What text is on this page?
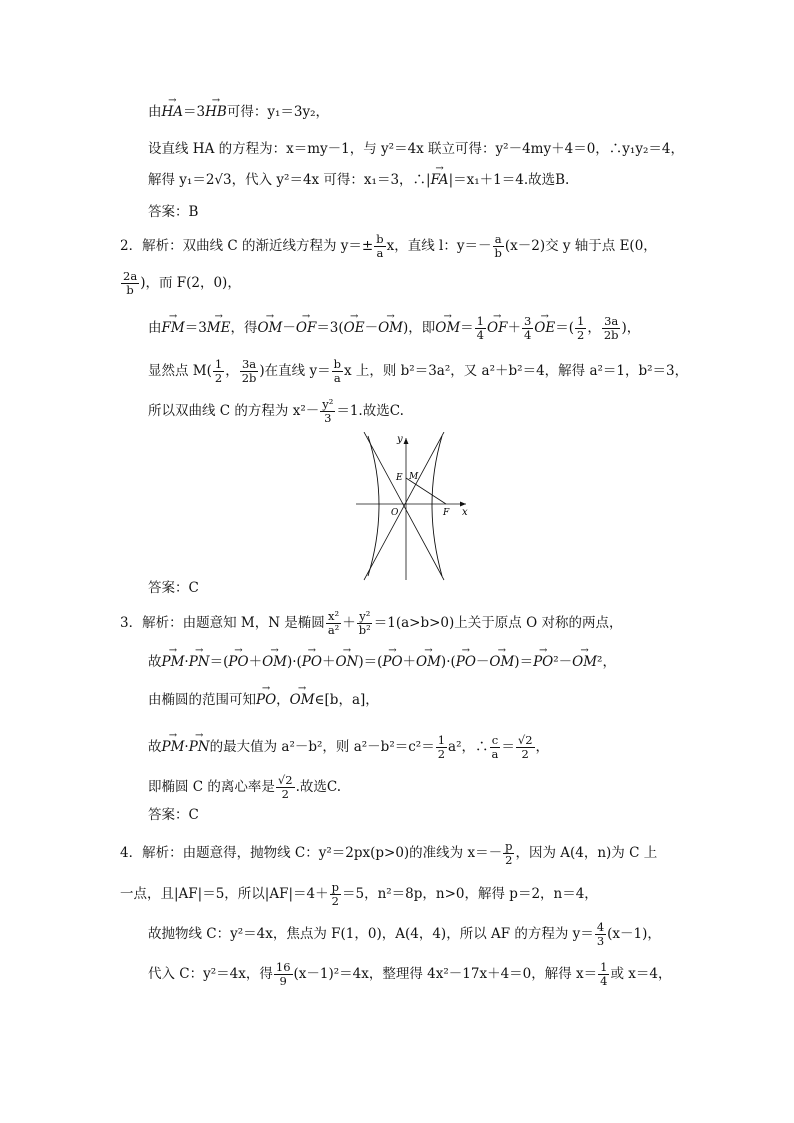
由→ HA＝3→ HB可得：y₁＝3y₂，
设直线 HA 的方程为：x＝my－1，与 y²＝4x 联立可得：y²－4my＋4＝0，∴y₁y₂＝4，
解得 y₁＝2√3，代入 y²＝4x 可得：x₁＝3，∴|→ FA|＝x₁＋1＝4.故选B.
答案：B
2．解析：双曲线 C 的渐近线方程为 $y=\pm \frac{b}{a}$ x，直线 l：$y=- \frac{a}{b} (x-2)$交 y 轴于点 E(0，
$\frac{2a}{b}$ )，而 F(2，0)，
由→ FM＝3→ ME，得→ OM－→ OF＝3(→ OE－→ OM)，即→ $OM= \frac{1}{4}$
→ $OF+ \frac{3}{4}$
→ $OE=( \frac{1}{2}$ ， $\frac{3a}{2b}$ )，
显然点 $M( \frac{1}{2}$ ， $\frac{3a}{2b}$ )在直线 $y= \frac{b}{a}$ x 上，则 b²＝3a²，又 a²＋b²＝4，解得 a²＝1，b²＝3，
所以双曲线 C 的方程为 $x^2- \frac{\text{y²}}{3} =1$.故选C.
y
x
E M
O	F
答案：C
3．解析：由题意知 M，N 是椭圆 $\frac{\text{x²}}{\text{a²}} + \frac{\text{y²}}{\text{b²}} =1(a>b>0)$上关于原点 O 对称的两点，
故→ PM·→ PN＝(→ PO＋→ OM)·(→ PO＋→ ON)＝(→ PO＋→ OM)·(→ PO－→ OM)＝→ PO²－→ OM²，
由椭圆的范围可知→ PO，→ OM∈[b，a]，
故→ PM·→ PN的最大值为 a²－b²，则 $a^2-b^2=c^2= \frac{1}{2} a^2$，∴ $\frac{c}{a} = \frac{√2}{2}$ ，
即椭圆 C 的离心率是 $\frac{√2}{2}$ .故选C.
答案：C
4．解析：由题意得，抛物线 C：y²＝2px(p>0)的准线为 $x=- \frac{p}{2}$ ，因为 A(4，n)为 C 上
一点，且|AF|＝5，所以$|AF|=4+ \frac{p}{2} =5$，n²＝8p，n>0，解得 p＝2，n＝4，
故抛物线 C：y²＝4x，焦点为 F(1，0)，A(4，4)，所以 AF 的方程为 $y= \frac{4}{3} (x-1)$，
代入 C：y²＝4x，得 $\frac{16}{9} (x-1)^2=4x$，整理得 4x²－17x＋4＝0，解得 $x= \frac{1}{4}$ 或 x＝4，
